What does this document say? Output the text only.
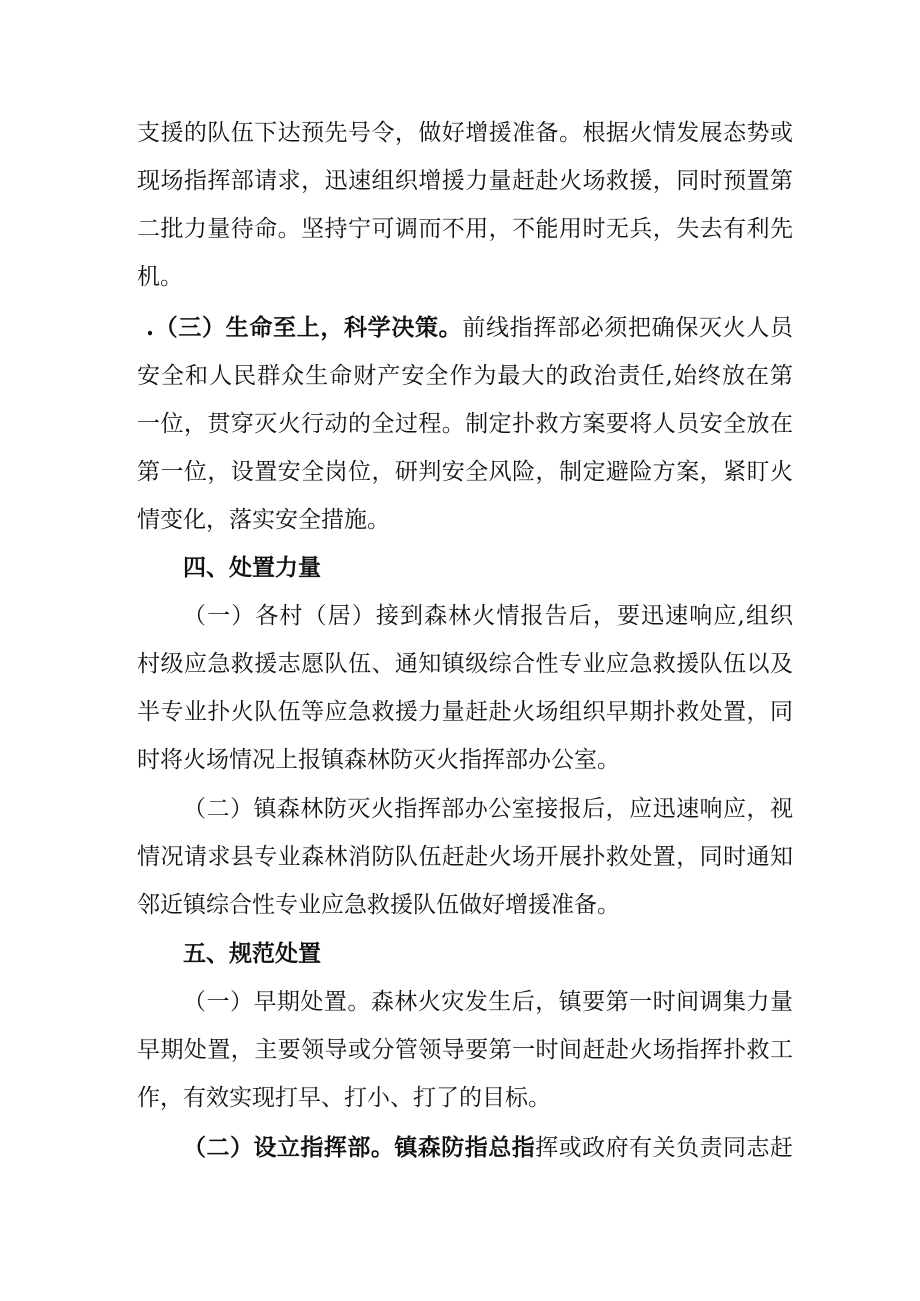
支援的队伍下达预先号令，做好增援准备。根据火情发展态势或
现场指挥部请求，迅速组织增援力量赶赴火场救援，同时预置第
二批力量待命。坚持宁可调而不用，不能用时无兵，失去有利先
机。
.（三）生命至上，科学决策。前线指挥部必须把确保灭火人员
安全和人民群众生命财产安全作为最大的政治责任,始终放在第
一位，贯穿灭火行动的全过程。制定扑救方案要将人员安全放在
第一位，设置安全岗位，研判安全风险，制定避险方案，紧盯火
情变化，落实安全措施。
四、处置力量
（一）各村（居）接到森林火情报告后，要迅速响应,组织
村级应急救援志愿队伍、通知镇级综合性专业应急救援队伍以及
半专业扑火队伍等应急救援力量赶赴火场组织早期扑救处置，同
时将火场情况上报镇森林防灭火指挥部办公室。
（二）镇森林防灭火指挥部办公室接报后，应迅速响应，视
情况请求县专业森林消防队伍赶赴火场开展扑救处置，同时通知
邻近镇综合性专业应急救援队伍做好增援准备。
五、规范处置
（一）早期处置。森林火灾发生后，镇要第一时间调集力量
早期处置，主要领导或分管领导要第一时间赶赴火场指挥扑救工
作，有效实现打早、打小、打了的目标。
（二）设立指挥部。镇森防指总指挥或政府有关负责同志赶
